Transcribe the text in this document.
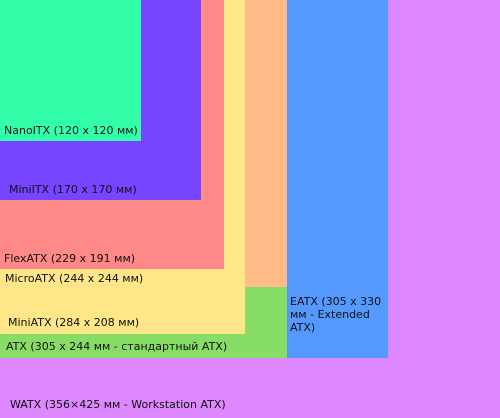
NanoITX (120 x 120 мм)
MiniITX (170 x 170 мм)
FlexATX (229 x 191 мм)
MicroATX (244 x 244 мм)
MiniATX (284 x 208 мм)
ATX (305 x 244 мм - стандартный ATX)
EATX (305 x 330 мм - Extended ATX)
WATX (356×425 мм - Workstation ATX)
